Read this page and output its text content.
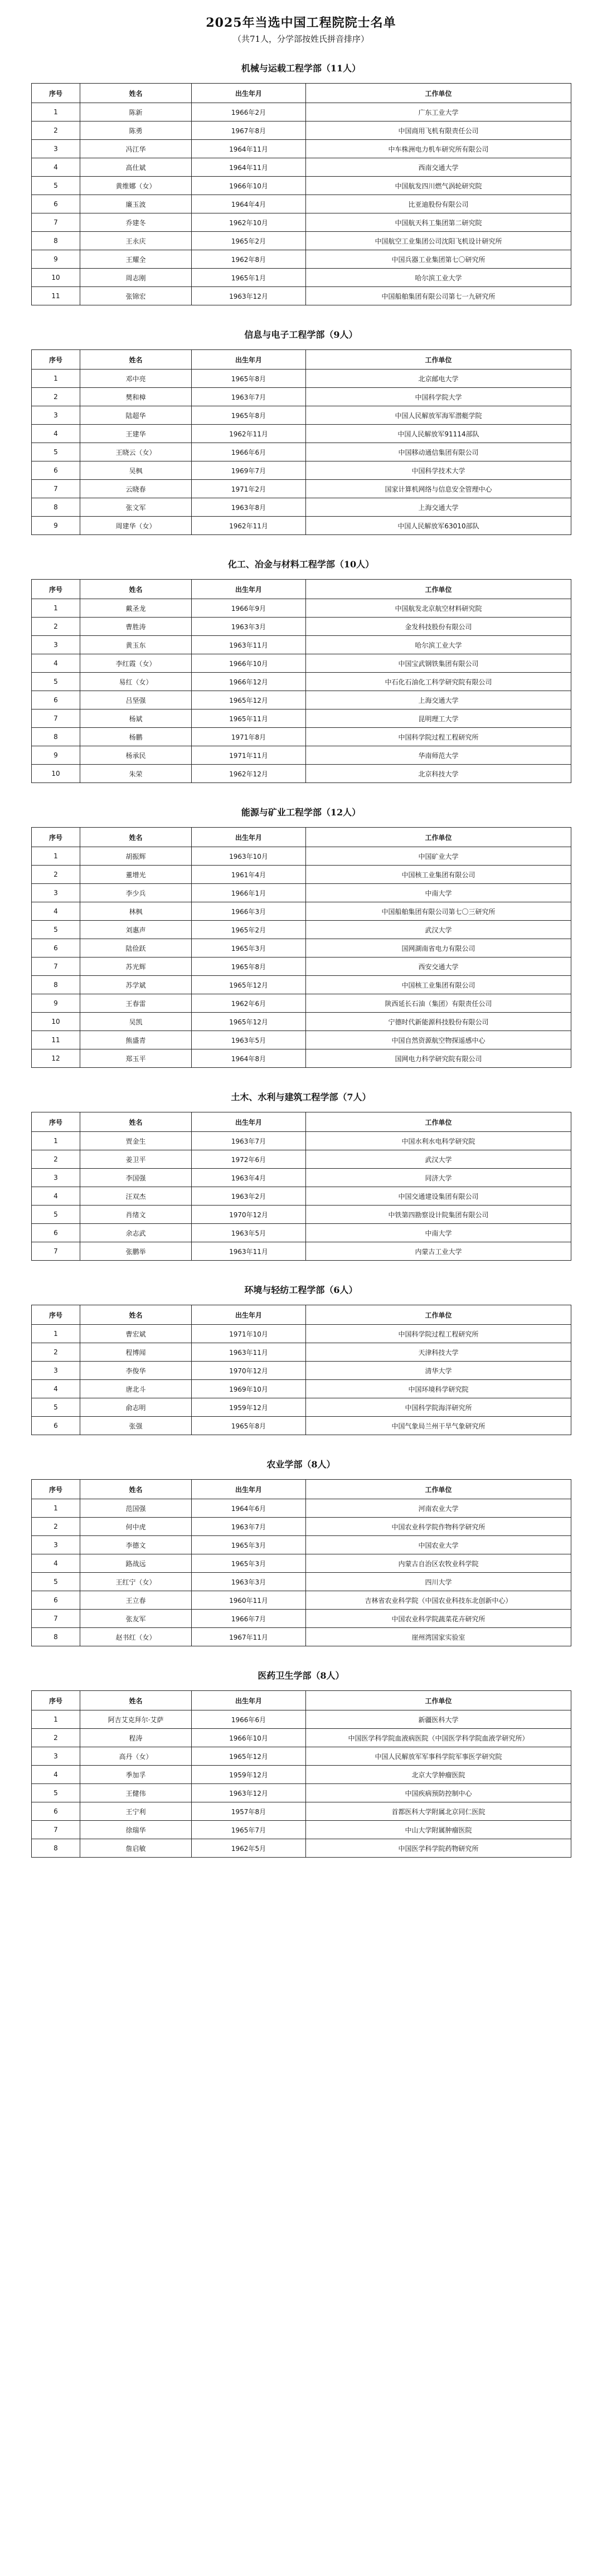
2025年当选中国工程院院士名单
（共71人，分学部按姓氏拼音排序）
机械与运载工程学部（11人）
序号	姓名	出生年月	工作单位
1	陈新	1966年2月	广东工业大学
2	陈勇	1967年8月	中国商用飞机有限责任公司
3	冯江华	1964年11月	中车株洲电力机车研究所有限公司
4	高仕斌	1964年11月	西南交通大学
5	黄维娜（女）	1966年10月	中国航发四川燃气涡轮研究院
6	廉玉波	1964年4月	比亚迪股份有限公司
7	乔建冬	1962年10月	中国航天科工集团第二研究院
8	王永庆	1965年2月	中国航空工业集团公司沈阳飞机设计研究所
9	王耀全	1962年8月	中国兵器工业集团第七〇研究所
10	周志刚	1965年1月	哈尔滨工业大学
11	张锦宏	1963年12月	中国船舶集团有限公司第七一九研究所
信息与电子工程学部（9人）
序号	姓名	出生年月	工作单位
1	邓中亮	1965年8月	北京邮电大学
2	樊和樟	1963年7月	中国科学院大学
3	陆超华	1965年8月	中国人民解放军海军潜艇学院
4	王建华	1962年11月	中国人民解放军91114部队
5	王晓云（女）	1966年6月	中国移动通信集团有限公司
6	吴枫	1969年7月	中国科学技术大学
7	云晓春	1971年2月	国家计算机网络与信息安全管理中心
8	张文军	1963年8月	上海交通大学
9	周建华（女）	1962年11月	中国人民解放军63010部队
化工、冶金与材料工程学部（10人）
序号	姓名	出生年月	工作单位
1	戴圣龙	1966年9月	中国航发北京航空材料研究院
2	曹胜涛	1963年3月	金发科技股份有限公司
3	黄玉东	1963年11月	哈尔滨工业大学
4	李红霞（女）	1966年10月	中国宝武钢铁集团有限公司
5	易红（女）	1966年12月	中石化石油化工科学研究院有限公司
6	吕坚强	1965年12月	上海交通大学
7	杨斌	1965年11月	昆明理工大学
8	杨鹏	1971年8月	中国科学院过程工程研究所
9	杨承民	1971年11月	华南师范大学
10	朱荣	1962年12月	北京科技大学
能源与矿业工程学部（12人）
序号	姓名	出生年月	工作单位
1	胡振辉	1963年10月	中国矿业大学
2	董增光	1961年4月	中国核工业集团有限公司
3	李少兵	1966年1月	中南大学
4	林枫	1966年3月	中国船舶集团有限公司第七〇三研究所
5	刘惠声	1965年2月	武汉大学
6	陆俭跃	1965年3月	国网湖南省电力有限公司
7	苏光辉	1965年8月	西安交通大学
8	苏学斌	1965年12月	中国核工业集团有限公司
9	王春雷	1962年6月	陕西延长石油（集团）有限责任公司
10	吴凯	1965年12月	宁德时代新能源科技股份有限公司
11	熊盛青	1963年5月	中国自然资源航空物探遥感中心
12	郑玉平	1964年8月	国网电力科学研究院有限公司
土木、水利与建筑工程学部（7人）
序号	姓名	出生年月	工作单位
1	贾金生	1963年7月	中国水利水电科学研究院
2	姜卫平	1972年6月	武汉大学
3	李国强	1963年4月	同济大学
4	汪双杰	1963年2月	中国交通建设集团有限公司
5	肖绪文	1970年12月	中铁第四勘察设计院集团有限公司
6	余志武	1963年5月	中南大学
7	张鹏举	1963年11月	内蒙古工业大学
环境与轻纺工程学部（6人）
序号	姓名	出生年月	工作单位
1	曹宏斌	1971年10月	中国科学院过程工程研究所
2	程博闻	1963年11月	天津科技大学
3	李俊华	1970年12月	清华大学
4	唐北斗	1969年10月	中国环境科学研究院
5	俞志明	1959年12月	中国科学院海洋研究所
6	张强	1965年8月	中国气象局兰州干旱气象研究所
农业学部（8人）
序号	姓名	出生年月	工作单位
1	范国强	1964年6月	河南农业大学
2	何中虎	1963年7月	中国农业科学院作物科学研究所
3	李德文	1965年3月	中国农业大学
4	路战远	1965年3月	内蒙古自治区农牧业科学院
5	王红宁（女）	1963年3月	四川大学
6	王立春	1960年11月	吉林省农业科学院（中国农业科技东北创新中心）
7	张友军	1966年7月	中国农业科学院蔬菜花卉研究所
8	赵书红（女）	1967年11月	崖州湾国家实验室
医药卫生学部（8人）
序号	姓名	出生年月	工作单位
1	阿吉艾克拜尔·艾萨	1966年6月	新疆医科大学
2	程涛	1966年10月	中国医学科学院血液病医院（中国医学科学院血液学研究所）
3	高丹（女）	1965年12月	中国人民解放军军事科学院军事医学研究院
4	季加孚	1959年12月	北京大学肿瘤医院
5	王健伟	1963年12月	中国疾病预防控制中心
6	王宁利	1957年8月	首都医科大学附属北京同仁医院
7	徐瑞华	1965年7月	中山大学附属肿瘤医院
8	詹启敏	1962年5月	中国医学科学院药物研究所
